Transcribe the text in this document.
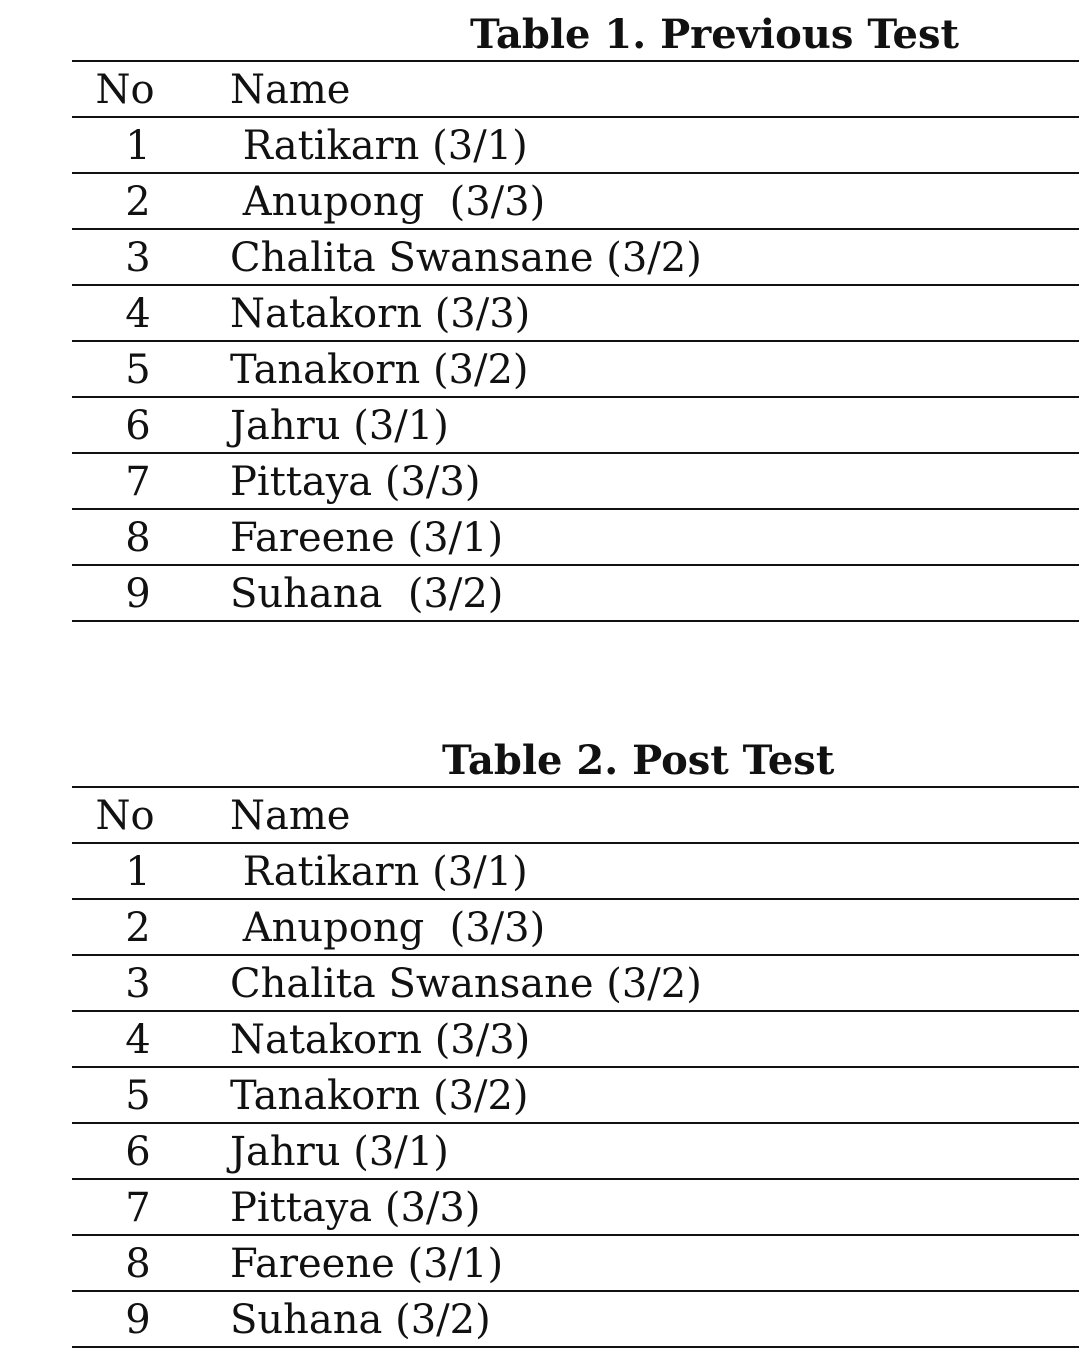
Table 1. Previous Test
No	Name
1	Ratikarn (3/1)
2	Anupong  (3/3)
3	Chalita Swansane (3/2)
4	Natakorn (3/3)
5	Tanakorn (3/2)
6	Jahru (3/1)
7	Pittaya (3/3)
8	Fareene (3/1)
9	Suhana  (3/2)
Table 2. Post Test
No	Name
1	Ratikarn (3/1)
2	Anupong  (3/3)
3	Chalita Swansane (3/2)
4	Natakorn (3/3)
5	Tanakorn (3/2)
6	Jahru (3/1)
7	Pittaya (3/3)
8	Fareene (3/1)
9	Suhana (3/2)
